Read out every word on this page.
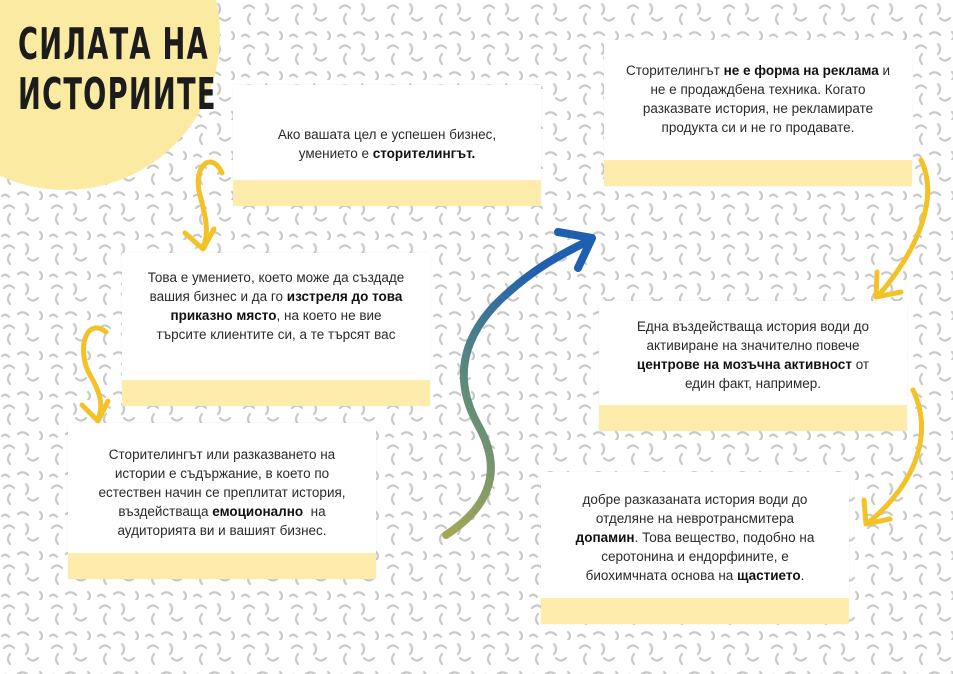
СИЛАТА НА
ИСТОРИИТЕ
Ако вашата цел е успешен бизнес,
умението е сторителингът.
Това е умението, което може да създаде
вашия бизнес и да го изстреля до това
приказно място, на което не вие
търсите клиентите си, а те търсят вас
Сторителингът или разказването на
истории е съдържание, в което по
естествен начин се преплитат история,
въздействаща емоционално  на
аудиторията ви и вашият бизнес.
Сторителингът не е форма на реклама и
не е продаждбена техника. Когато
разказвате история, не рекламирате
продукта си и не го продавате.
Една въздействаща история води до
активиране на значително повече
центрове на мозъчна активност от
един факт, например.
добре разказаната история води до
отделяне на невротрансмитера
допамин. Това вещество, подобно на
серотонина и ендорфините, е
биохимчната основа на щастието.
